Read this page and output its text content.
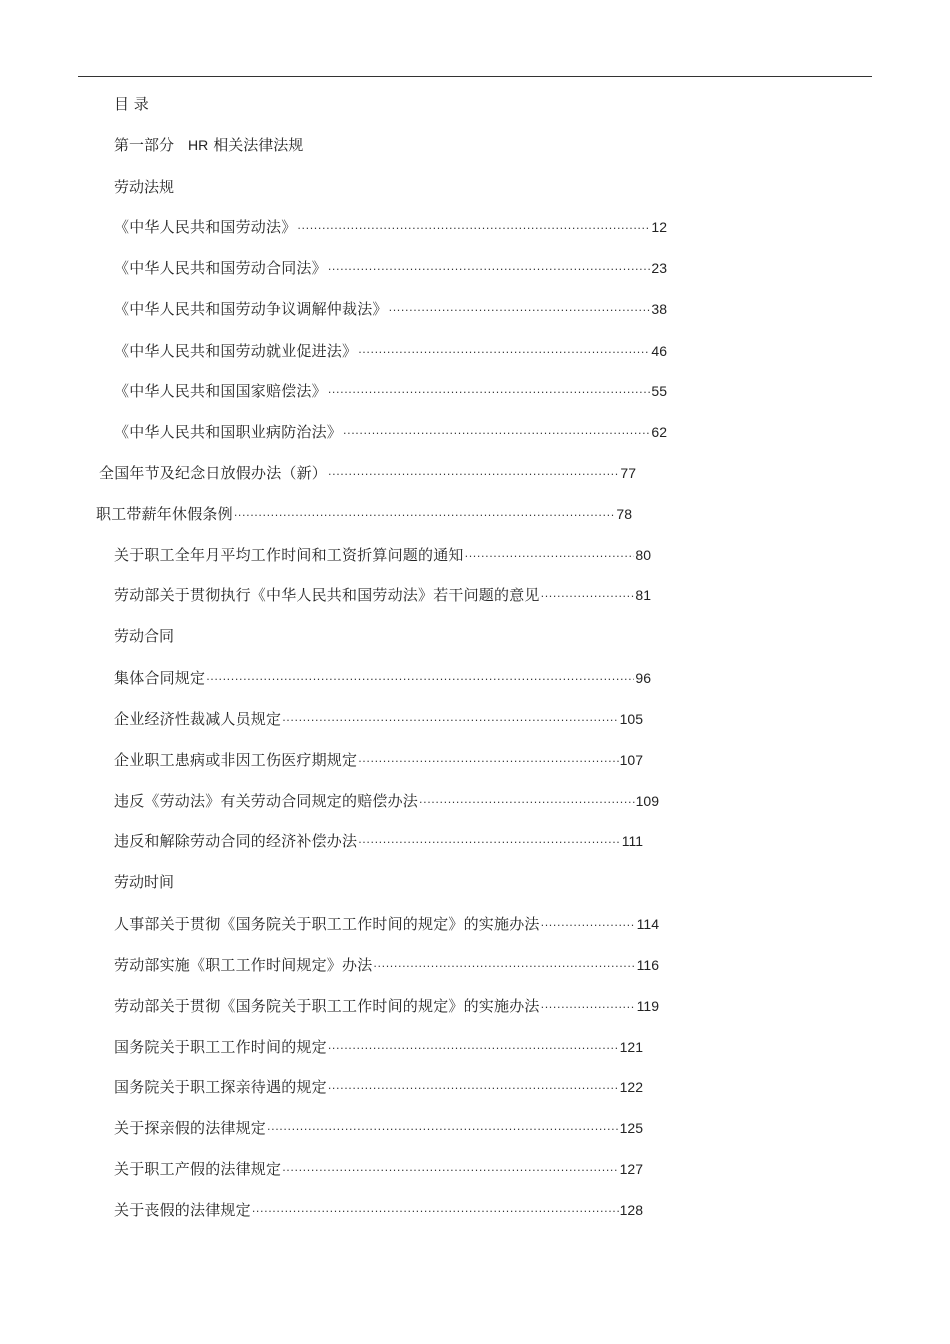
目 录
第一部分 HR 相关法律法规
劳动法规
《中华人民共和国劳动法》 ·····	12
《中华人民共和国劳动合同法》 ·····	23
《中华人民共和国劳动争议调解仲裁法》 ·····	38
《中华人民共和国劳动就业促进法》 ·····	46
《中华人民共和国国家赔偿法》 ·····	55
《中华人民共和国职业病防治法》 ·····	62
全国年节及纪念日放假办法（新） ·····	77
职工带薪年休假条例 ·····	78
关于职工全年月平均工作时间和工资折算问题的通知 ·····	80
劳动部关于贯彻执行《中华人民共和国劳动法》若干问题的意见 ·····	81
劳动合同
集体合同规定 ·····	96
企业经济性裁减人员规定 ·····	105
企业职工患病或非因工伤医疗期规定 ·····	107
违反《劳动法》有关劳动合同规定的赔偿办法 ·····	109
违反和解除劳动合同的经济补偿办法 ·····	111
劳动时间
人事部关于贯彻《国务院关于职工工作时间的规定》的实施办法 ·····	114
劳动部实施《职工工作时间规定》办法 ·····	116
劳动部关于贯彻《国务院关于职工工作时间的规定》的实施办法 ·····	119
国务院关于职工工作时间的规定 ·····	121
国务院关于职工探亲待遇的规定 ·····	122
关于探亲假的法律规定 ·····	125
关于职工产假的法律规定 ·····	127
关于丧假的法律规定 ·····	128
